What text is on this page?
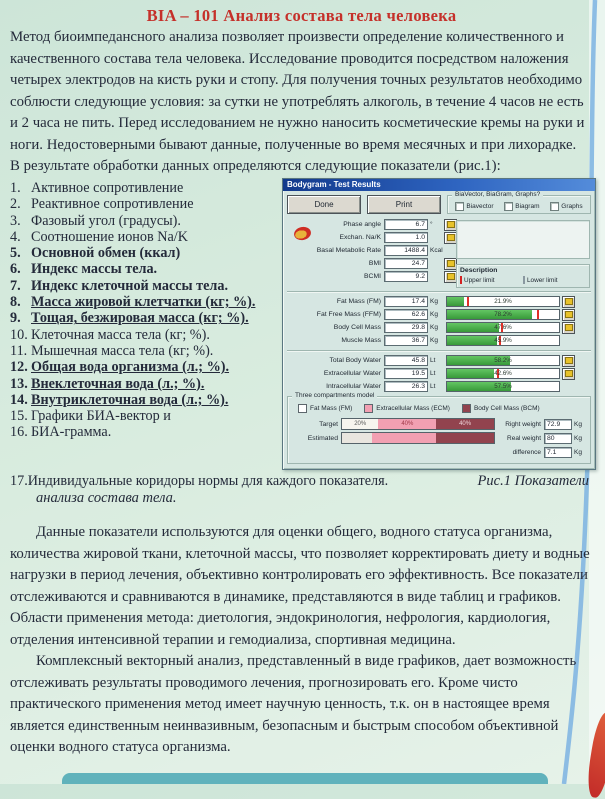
BIA – 101 Анализ состава тела человека
Метод биоимпедансного анализа позволяет произвести определение количественного и качественного состава тела человека. Исследование проводится посредством наложения четырех электродов на кисть руки и стопу. Для получения точных результатов необходимо соблюсти следующие условия: за сутки не употреблять алкоголь, в течение 4 часов не есть и 2 часа не пить. Перед исследованием не нужно наносить косметические кремы на руки и ноги. Недостоверными бывают данные, полученные во время месячных и при лихорадке.
В результате обработки данных определяются следующие показатели (рис.1):
1. Активное сопротивление
2. Реактивное сопротивление
3. Фазовый угол (градусы).
4. Соотношение ионов Na/K
5. Основной обмен (ккал)
6. Индекс массы тела.
7. Индекс клеточной массы тела.
8. Масса жировой клетчатки (кг; %).
9. Тощая, безжировая масса (кг; %).
10. Клеточная масса тела (кг; %).
11. Мышечная масса тела (кг; %).
12. Общая вода организма (л.; %).
13. Внеклеточная вода (л.; %).
14. Внутриклеточная вода (л.; %).
15. Графики БИА-вектор и
16. БИА-грамма.
Bodygram - Test Results
Done	Print
BiaVector, BiaGram, Graphs?
Biavector	Biagram	Graphs
Phase angle	6.7 °
Exchan. Na/K	1.0
Basal Metabolic Rate	1488.4 Kcal
BMI	24.7
BCMI	9.2
Description
Upper limit	Lower limit
Fat Mass (FM)	17.4 Kg	21.9%
Fat Free Mass (FFM)	62.6 Kg	78.2%
Body Cell Mass	29.8 Kg	47.6%
Muscle Mass	36.7 Kg	45.9%
Total Body Water	45.8 Lt	58.2%
Extracellular Water	19.5 Lt	42.6%
Intracellular Water	26.3 Lt	57.5%
Three compartments model
Fat Mass (FM)	Extracellular Mass (ECM)	Body Cell Mass (BCM)
Target	20%	40%	40%
Estimated
Right weight 72.9	Kg
Real weight 80	Kg
difference 7.1	Kg
17.Индивидуальные коридоры нормы для каждого показателя.	Рис.1 Показатели
анализа состава тела.
Данные показатели используются для оценки общего, водного статуса организма, количества жировой ткани, клеточной массы, что позволяет корректировать диету и водные нагрузки в период лечения, объективно контролировать его эффективность. Все показатели отслеживаются и сравниваются в динамике, представляются в виде таблиц и графиков. Области применения метода: диетология, эндокринология, нефрология, кардиология, отделения интенсивной терапии и гемодиализа, спортивная медицина.
Комплексный векторный анализ, представленный в виде графиков, дает возможность отслеживать результаты проводимого лечения, прогнозировать его. Кроме чисто практического применения метод имеет научную ценность, т.к. он в настоящее время является единственным неинвазивным, безопасным и быстрым способом объективной оценки водного статуса организма.
